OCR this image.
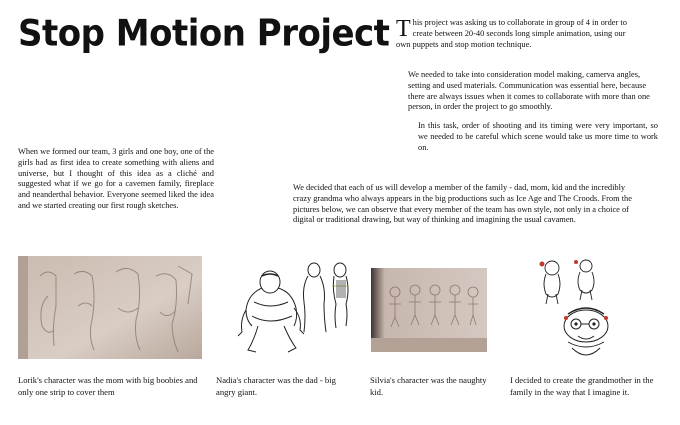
Stop Motion Project This project was asking us to collaborate in group of 4 in order to create between 20-40 seconds long simple animation, using our own puppets and stop motion technique.
We needed to take into consideration model making, camerva angles, setting and used materials. Communication was essential here, because there are always issues when it comes to collaborate with more than one person, in order the project to go smoothly.
In this task, order of shooting and its timing were very important, so we needed to be careful which scene would take us more time to work on.
When we formed our team, 3 girls and one boy, one of the girls had as first idea to create something with aliens and universe, but I thought of this idea as a cliché and suggested what if we go for a cavemen family, fireplace and neanderthal behavior. Everyone seemed liked the idea and we started creating our first rough sketches.
We decided that each of us will develop a member of the family - dad, mom, kid and the incredibly crazy grandma who always appears in the big productions such as Ice Age and The Croods. From the pictures below, we can observe that every member of the team has own style, not only in a choice of digital or traditional drawing, but way of thinking and imagining the usual cavamen.
Lorik's character was the mom with big boobies and only one strip to cover them
Nadia's character was the dad - big angry giant.
Silvia's character was the naughty kid.
I decided to create the grandmother in the family in the way that I imagine it.
